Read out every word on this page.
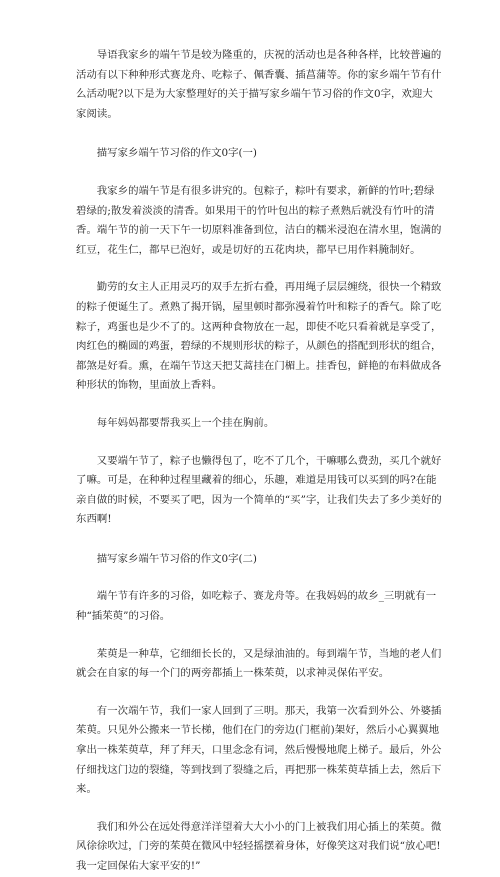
导语我家乡的端午节是较为隆重的，庆祝的活动也是各种各样，比较普遍的活动有以下种种形式赛龙舟、吃粽子、佩香囊、插菖蒲等。你的家乡端午节有什么活动呢?以下是为大家整理好的关于描写家乡端午节习俗的作文0字，欢迎大家阅读。

描写家乡端午节习俗的作文0字(一)

我家乡的端午节是有很多讲究的。包粽子，粽叶有要求，新鲜的竹叶;碧绿碧绿的;散发着淡淡的清香。如果用干的竹叶包出的粽子煮熟后就没有竹叶的清香。端午节的前一天下午一切原料准备到位，洁白的糯米浸泡在清水里，饱满的红豆，花生仁，都早已泡好，或是切好的五花肉块，都早已用作料腌制好。

勤劳的女主人正用灵巧的双手左折右叠，再用绳子层层缠绕，很快一个精致的粽子便诞生了。煮熟了揭开锅，屋里顿时都弥漫着竹叶和粽子的香气。除了吃粽子，鸡蛋也是少不了的。这两种食物放在一起，即使不吃只看着就是享受了，肉红色的椭圆的鸡蛋，碧绿的不规则形状的粽子，从颜色的搭配到形状的组合，都煞是好看。熏，在端午节这天把艾蒿挂在门楣上。挂香包，鲜艳的布料做成各种形状的饰物，里面放上香料。

每年妈妈都要帮我买上一个挂在胸前。

又要端午节了，粽子也懒得包了，吃不了几个，干嘛哪么费劲，买几个就好了嘛。可是，在种种过程里藏着的细心，乐趣，难道是用钱可以买到的吗?在能亲自做的时候，不要买了吧，因为一个简单的“买”字，让我们失去了多少美好的东西啊!

描写家乡端午节习俗的作文0字(二)

端午节有许多的习俗，如吃粽子、赛龙舟等。在我妈妈的故乡_三明就有一种“插茱萸”的习俗。

茱萸是一种草，它细细长长的，又是绿油油的。每到端午节，当地的老人们就会在自家的每一个门的两旁都插上一株茱萸，以求神灵保佑平安。

有一次端午节，我们一家人回到了三明。那天，我第一次看到外公、外婆插茱萸。只见外公搬来一节长梯，他们在门的旁边(门框前)架好，然后小心翼翼地拿出一株茱萸草，拜了拜天，口里念念有词，然后慢慢地爬上梯子。最后，外公仔细找这门边的裂缝，等到找到了裂缝之后，再把那一株茱萸草插上去，然后下来。

我们和外公在远处得意洋洋望着大大小小的门上被我们用心插上的茱萸。微风徐徐吹过，门旁的茱萸在微风中轻轻摇摆着身体，好像笑这对我们说“放心吧!我一定回保佑大家平安的!”
